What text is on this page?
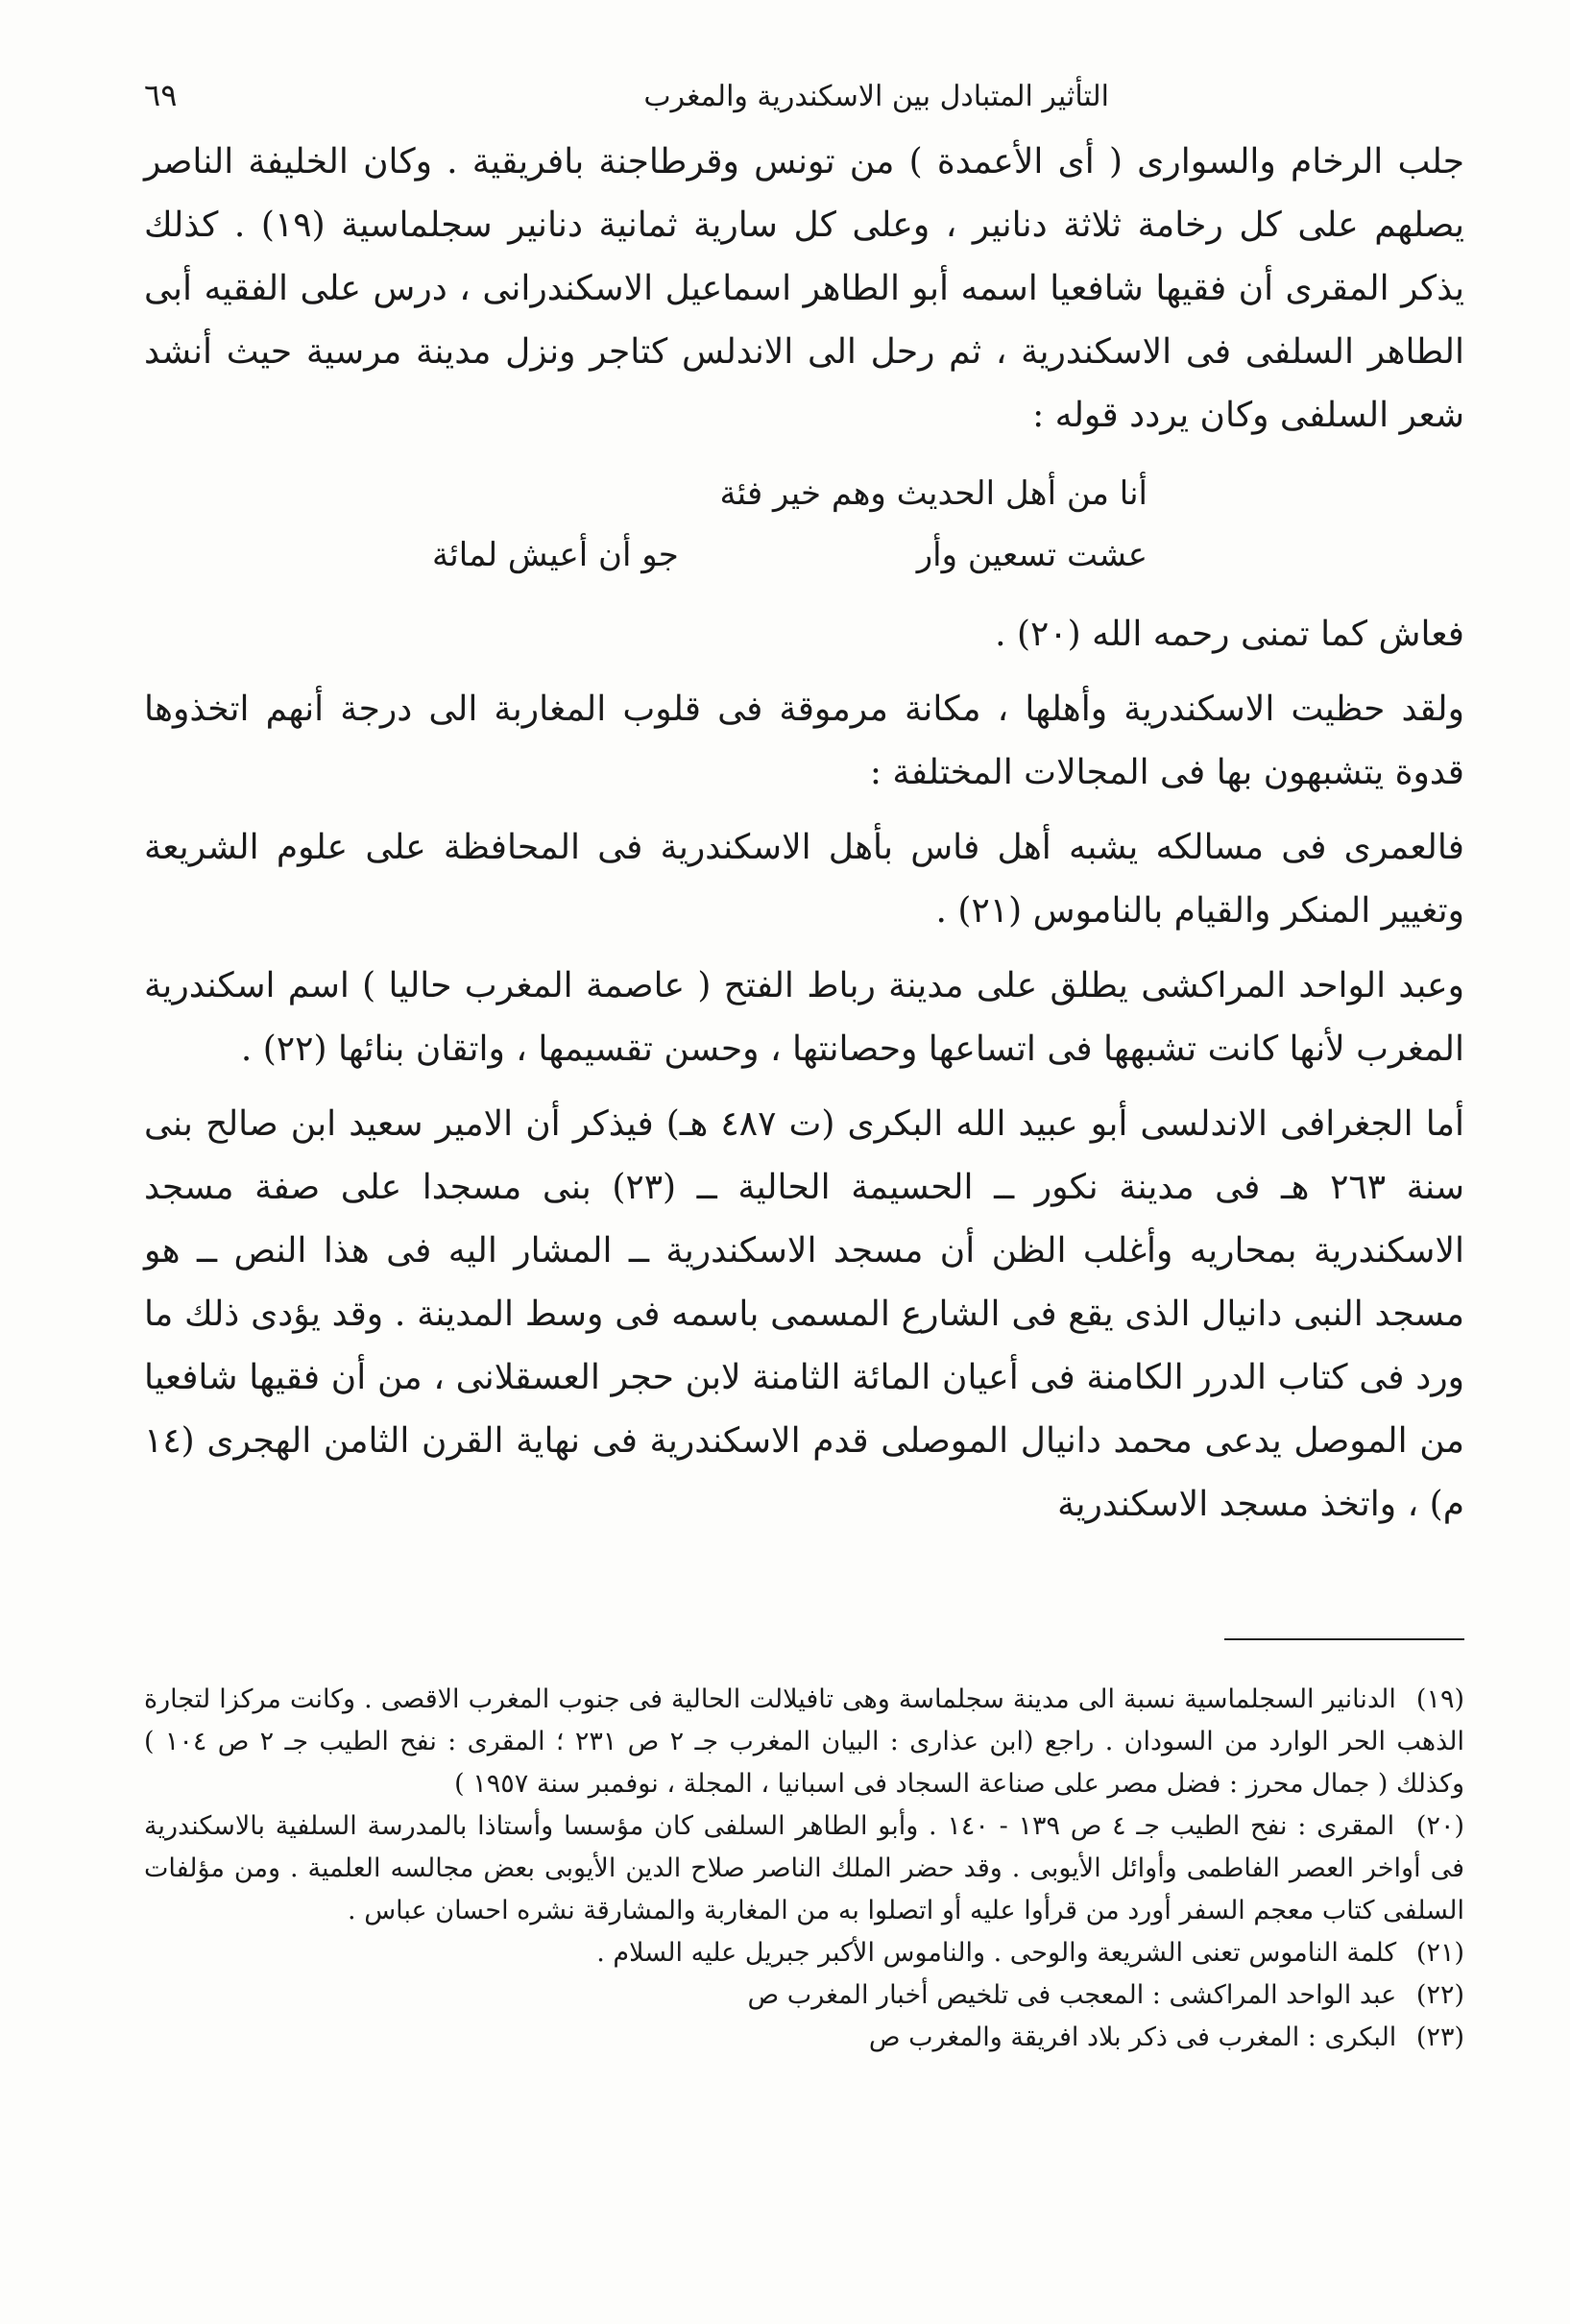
التأثير المتبادل بين الاسكندرية والمغرب
٦٩

جلب الرخام والسوارى ( أى الأعمدة ) من تونس وقرطاجنة بافريقية . وكان الخليفة الناصر يصلهم على كل رخامة ثلاثة دنانير ، وعلى كل سارية ثمانية دنانير سجلماسية (١٩) . كذلك يذكر المقرى أن فقيها شافعيا اسمه أبو الطاهر اسماعيل الاسكندرانى ، درس على الفقيه أبى الطاهر السلفى فى الاسكندرية ، ثم رحل الى الاندلس كتاجر ونزل مدينة مرسية حيث أنشد شعر السلفى وكان يردد قوله :

أنا من أهل الحديث وهم خير فئة
عشت تسعين وأر
جو أن أعيش لمائة

فعاش كما تمنى رحمه الله (٢٠) .

ولقد حظيت الاسكندرية وأهلها ، مكانة مرموقة فى قلوب المغاربة الى درجة أنهم اتخذوها قدوة يتشبهون بها فى المجالات المختلفة :

فالعمرى فى مسالكه يشبه أهل فاس بأهل الاسكندرية فى المحافظة على علوم الشريعة وتغيير المنكر والقيام بالناموس (٢١) .

وعبد الواحد المراكشى يطلق على مدينة رباط الفتح ( عاصمة المغرب حاليا ) اسم اسكندرية المغرب لأنها كانت تشبهها فى اتساعها وحصانتها ، وحسن تقسيمها ، واتقان بنائها (٢٢) .

أما الجغرافى الاندلسى أبو عبيد الله البكرى (ت ٤٨٧ هـ) فيذكر أن الامير سعيد ابن صالح بنى سنة ٢٦٣ هـ فى مدينة نكور ــ الحسيمة الحالية ــ (٢٣) بنى مسجدا على صفة مسجد الاسكندرية بمحاريه وأغلب الظن أن مسجد الاسكندرية ــ المشار اليه فى هذا النص ــ هو مسجد النبى دانيال الذى يقع فى الشارع المسمى باسمه فى وسط المدينة . وقد يؤدى ذلك ما ورد فى كتاب الدرر الكامنة فى أعيان المائة الثامنة لابن حجر العسقلانى ، من أن فقيها شافعيا من الموصل يدعى محمد دانيال الموصلى قدم الاسكندرية فى نهاية القرن الثامن الهجرى (١٤ م) ، واتخذ مسجد الاسكندرية

(١٩) الدنانير السجلماسية نسبة الى مدينة سجلماسة وهى تافيلالت الحالية فى جنوب المغرب الاقصى . وكانت مركزا لتجارة الذهب الحر الوارد من السودان . راجع (ابن عذارى : البيان المغرب جـ ٢ ص ٢٣١ ؛ المقرى : نفح الطيب جـ ٢ ص ١٠٤ ) وكذلك ( جمال محرز : فضل مصر على صناعة السجاد فى اسبانيا ، المجلة ، نوفمبر سنة ١٩٥٧ )

(٢٠) المقرى : نفح الطيب جـ ٤ ص ١٣٩ - ١٤٠ . وأبو الطاهر السلفى كان مؤسسا وأستاذا بالمدرسة السلفية بالاسكندرية فى أواخر العصر الفاطمى وأوائل الأيوبى . وقد حضر الملك الناصر صلاح الدين الأيوبى بعض مجالسه العلمية . ومن مؤلفات السلفى كتاب معجم السفر أورد من قرأوا عليه أو اتصلوا به من المغاربة والمشارقة نشره احسان عباس .

(٢١) كلمة الناموس تعنى الشريعة والوحى . والناموس الأكبر جبريل عليه السلام .

(٢٢) عبد الواحد المراكشى : المعجب فى تلخيص أخبار المغرب ص

(٢٣) البكرى : المغرب فى ذكر بلاد افريقة والمغرب ص
